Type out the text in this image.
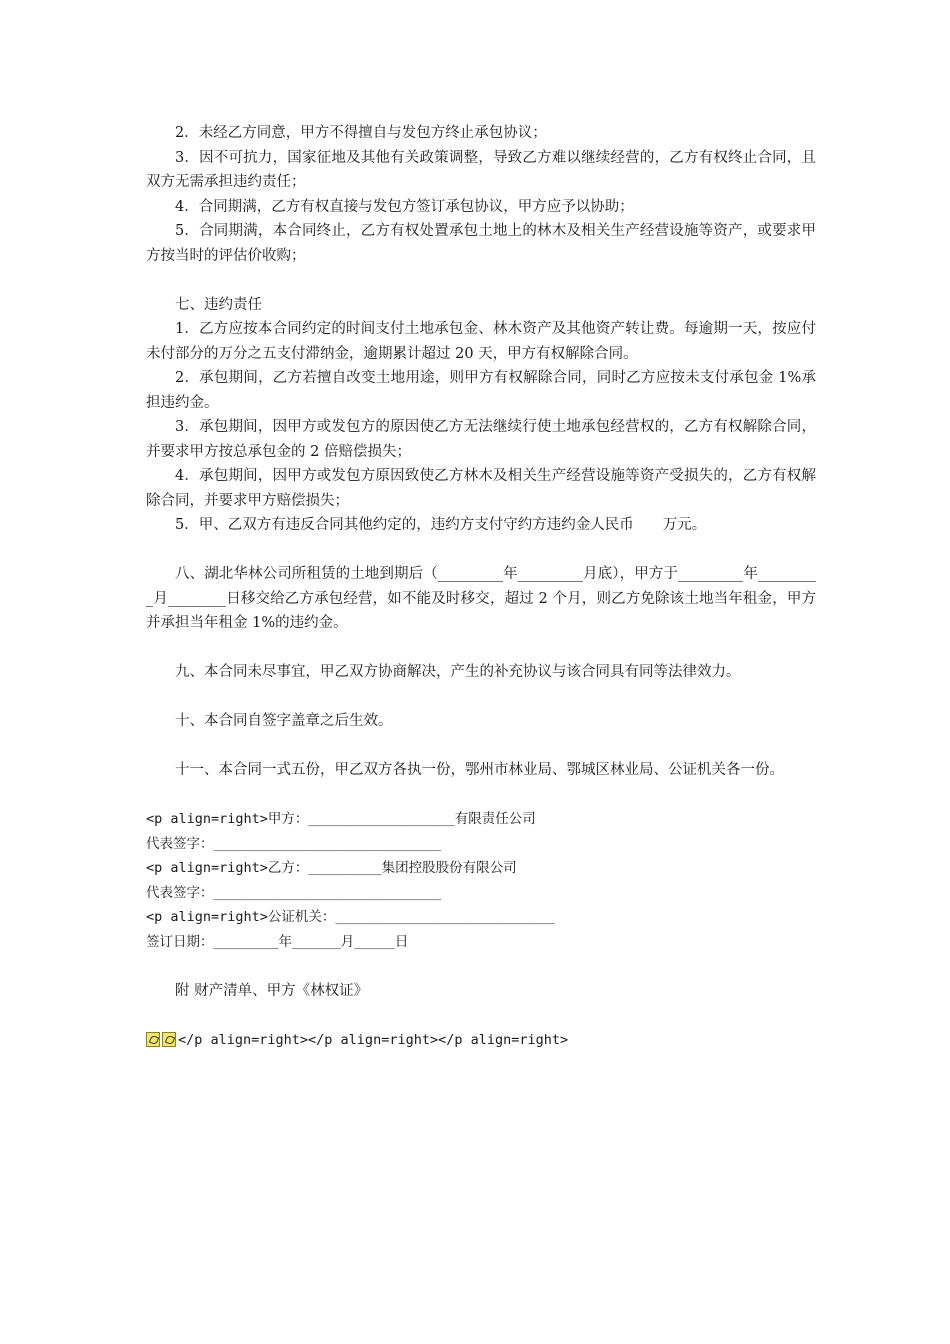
2．未经乙方同意，甲方不得擅自与发包方终止承包协议；

3．因不可抗力，国家征地及其他有关政策调整，导致乙方难以继续经营的，乙方有权终止合同，且双方无需承担违约责任；

4．合同期满，乙方有权直接与发包方签订承包协议，甲方应予以协助；

5．合同期满，本合同终止，乙方有权处置承包土地上的林木及相关生产经营设施等资产，或要求甲方按当时的评估价收购；

七、违约责任

1．乙方应按本合同约定的时间支付土地承包金、林木资产及其他资产转让费。每逾期一天，按应付未付部分的万分之五支付滞纳金，逾期累计超过 20 天，甲方有权解除合同。

2．承包期间，乙方若擅自改变土地用途，则甲方有权解除合同，同时乙方应按未支付承包金 1%承担违约金。

3．承包期间，因甲方或发包方的原因使乙方无法继续行使土地承包经营权的，乙方有权解除合同，并要求甲方按总承包金的 2 倍赔偿损失；

4．承包期间，因甲方或发包方原因致使乙方林木及相关生产经营设施等资产受损失的，乙方有权解除合同，并要求甲方赔偿损失；

5．甲、乙双方有违反合同其他约定的，违约方支付守约方违约金人民币　　万元。

八、湖北华林公司所租赁的土地到期后（_________年_________月底），甲方于_________年_________月________日移交给乙方承包经营，如不能及时移交，超过 2 个月，则乙方免除该土地当年租金，甲方并承担当年租金 1%的违约金。

九、本合同未尽事宜，甲乙双方协商解决，产生的补充协议与该合同具有同等法律效力。

十、本合同自签字盖章之后生效。

十一、本合同一式五份，甲乙双方各执一份，鄂州市林业局、鄂城区林业局、公证机关各一份。

<p align=right>甲方：__________________有限责任公司

代表签字：____________________________

<p align=right>乙方：_________集团控股股份有限公司

代表签字：____________________________

<p align=right>公证机关：___________________________

签订日期：________年______月_____日

附 财产清单、甲方《林权证》

</p align=right></p align=right></p align=right>
